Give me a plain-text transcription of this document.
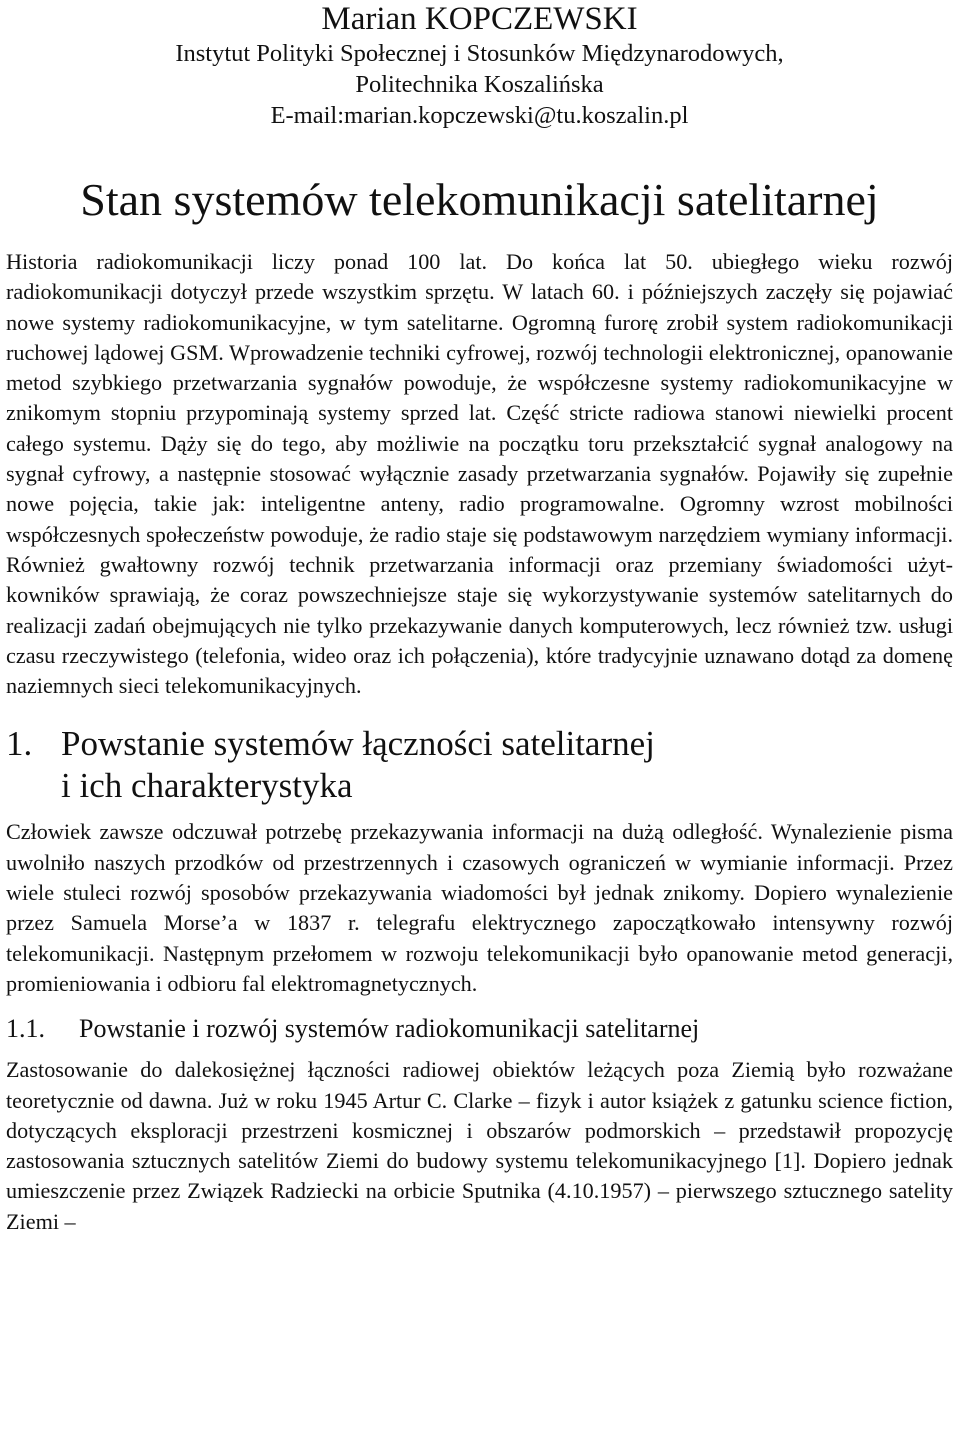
Marian KOPCZEWSKI

Instytut Polityki Społecznej i Stosunków Międzynarodowych,

Politechnika Koszalińska

E-mail:marian.kopczewski@tu.koszalin.pl

Stan systemów telekomunikacji satelitarnej

Historia radiokomunikacji liczy ponad 100 lat. Do końca lat 50. ubiegłego wieku rozwój radiokomunikacji dotyczył przede wszystkim sprzętu. W latach 60. i późniejszych zaczęły się pojawiać nowe systemy radiokomunikacyjne, w tym satelitarne. Ogromną furorę zrobił system radiokomunikacji ruchowej lądowej GSM. Wprowadzenie techniki cyfrowej, rozwój technologii elektronicznej, opanowanie metod szybkiego przetwarzania sygnałów powoduje, że współczesne systemy radiokomunikacyjne w znikomym stopniu przypominają systemy sprzed lat. Część stricte radiowa stanowi niewielki procent całego systemu. Dąży się do tego, aby możliwie na początku toru przekształcić sygnał analogowy na sygnał cyfrowy, a następnie stosować wyłącznie zasady przetwarzania sygnałów. Pojawiły się zupełnie nowe pojęcia, takie jak: inteligentne anteny, radio programowalne. Ogromny wzrost mobilności współczesnych społeczeństw powoduje, że radio staje się podstawowym narzędziem wymiany informacji. Również gwałtowny rozwój technik przetwarzania informacji oraz przemiany świadomości użytkowników sprawiają, że coraz powszechniejsze staje się wykorzystywanie systemów satelitarnych do realizacji zadań obejmujących nie tylko przekazywanie danych komputerowych, lecz również tzw. usługi czasu rzeczywistego (telefonia, wideo oraz ich połączenia), które tradycyjnie uznawano dotąd za domenę naziemnych sieci telekomunikacyjnych.

1. Powstanie systemów łączności satelitarnej
i ich charakterystyka

Człowiek zawsze odczuwał potrzebę przekazywania informacji na dużą odległość. Wynalezienie pisma uwolniło naszych przodków od przestrzennych i czasowych ograniczeń w wymianie informacji. Przez wiele stuleci rozwój sposobów przekazywania wiadomości był jednak znikomy. Dopiero wynalezienie przez Samuela Morse’a w 1837 r. telegrafu elektrycznego zapoczątkowało intensywny rozwój telekomunikacji. Następnym przełomem w rozwoju telekomunikacji było opanowanie metod generacji, promieniowania i odbioru fal elektromagnetycznych.

1.1.	Powstanie i rozwój systemów radiokomunikacji satelitarnej

Zastosowanie do dalekosiężnej łączności radiowej obiektów leżących poza Ziemią było rozważane teoretycznie od dawna. Już w roku 1945 Artur C. Clarke – fizyk i autor książek z gatunku science fiction, dotyczących eksploracji przestrzeni kosmicznej i obszarów podmorskich – przedstawił propozycję zastosowania sztucznych satelitów Ziemi do budowy systemu telekomunikacyjnego [1]. Dopiero jednak umieszczenie przez Związek Radziecki na orbicie Sputnika (4.10.1957) – pierwszego sztucznego satelity Ziemi –
